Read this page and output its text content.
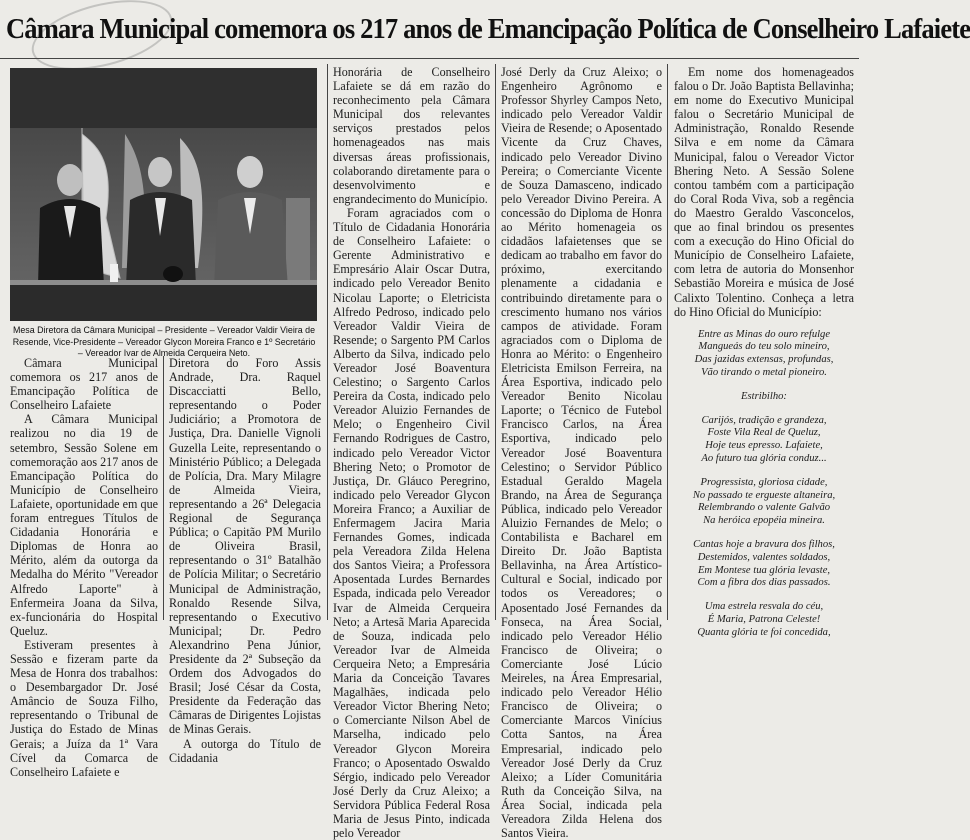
Câmara Municipal comemora os 217 anos de Emancipação Política de Conselheiro Lafaiete
Mesa Diretora da Câmara Municipal – Presidente – Vereador Valdir Vieira de Resende, Vice-Presidente – Vereador Glycon Moreira Franco e 1º Secretário – Vereador Ivar de Almeida Cerqueira Neto.

Câmara Municipal comemora os 217 anos de Emancipação Política de Conselheiro Lafaiete

A Câmara Municipal realizou no dia 19 de setembro, Sessão Solene em comemoração aos 217 anos de Emancipação Política do Município de Conselheiro Lafaiete, oportunidade em que foram entregues Títulos de Cidadania Honorária e Diplomas de Honra ao Mérito, além da outorga da Medalha do Mérito "Vereador Alfredo Laporte" à Enfermeira Joana da Silva, ex-funcionária do Hospital Queluz.

Estiveram presentes à Sessão e fizeram parte da Mesa de Honra dos trabalhos: o Desembargador Dr. José Amâncio de Souza Filho, representando o Tribunal de Justiça do Estado de Minas Gerais; a Juíza da 1ª Vara Cível da Comarca de Conselheiro Lafaiete e

Diretora do Foro Assis Andrade, Dra. Raquel Discacciatti Bello, representando o Poder Judiciário; a Promotora de Justiça, Dra. Danielle Vignoli Guzella Leite, representando o Ministério Público; a Delegada de Polícia, Dra. Mary Milagre de Almeida Vieira, representando a 26ª Delegacia Regional de Segurança Pública; o Capitão PM Murilo de Oliveira Brasil, representando o 31º Batalhão de Polícia Militar; o Secretário Municipal de Administração, Ronaldo Resende Silva, representando o Executivo Municipal; Dr. Pedro Alexandrino Pena Júnior, Presidente da 2ª Subseção da Ordem dos Advogados do Brasil; José César da Costa, Presidente da Federação das Câmaras de Dirigentes Lojistas de Minas Gerais.

A outorga do Título de Cidadania

Honorária de Conselheiro Lafaiete se dá em razão do reconhecimento pela Câmara Municipal dos relevantes serviços prestados pelos homenageados nas mais diversas áreas profissionais, colaborando diretamente para o desenvolvimento e engrandecimento do Município.

Foram agraciados com o Título de Cidadania Honorária de Conselheiro Lafaiete: o Gerente Administrativo e Empresário Alair Oscar Dutra, indicado pelo Vereador Benito Nicolau Laporte; o Eletricista Alfredo Pedroso, indicado pelo Vereador Valdir Vieira de Resende; o Sargento PM Carlos Alberto da Silva, indicado pelo Vereador José Boaventura Celestino; o Sargento Carlos Pereira da Costa, indicado pelo Vereador Aluizio Fernandes de Melo; o Engenheiro Civil Fernando Rodrigues de Castro, indicado pelo Vereador Victor Bhering Neto; o Promotor de Justiça, Dr. Gláuco Peregrino, indicado pelo Vereador Glycon Moreira Franco; a Auxiliar de Enfermagem Jacira Maria Fernandes Gomes, indicada pela Vereadora Zilda Helena dos Santos Vieira; a Professora Aposentada Lurdes Bernardes Espada, indicada pelo Vereador Ivar de Almeida Cerqueira Neto; a Artesã Maria Aparecida de Souza, indicada pelo Vereador Ivar de Almeida Cerqueira Neto; a Empresária Maria da Conceição Tavares Magalhães, indicada pelo Vereador Victor Bhering Neto; o Comerciante Nilson Abel de Marselha, indicado pelo Vereador Glycon Moreira Franco; o Aposentado Oswaldo Sérgio, indicado pelo Vereador José Derly da Cruz Aleixo; a Servidora Pública Federal Rosa Maria de Jesus Pinto, indicada pelo Vereador

José Derly da Cruz Aleixo; o Engenheiro Agrônomo e Professor Shyrley Campos Neto, indicado pelo Vereador Valdir Vieira de Resende; o Aposentado Vicente da Cruz Chaves, indicado pelo Vereador Divino Pereira; o Comerciante Vicente de Souza Damasceno, indicado pelo Vereador Divino Pereira. A concessão do Diploma de Honra ao Mérito homenageia os cidadãos lafaietenses que se dedicam ao trabalho em favor do próximo, exercitando plenamente a cidadania e contribuindo diretamente para o crescimento humano nos vários campos de atividade. Foram agraciados com o Diploma de Honra ao Mérito: o Engenheiro Eletricista Emilson Ferreira, na Área Esportiva, indicado pelo Vereador Benito Nicolau Laporte; o Técnico de Futebol Francisco Carlos, na Área Esportiva, indicado pelo Vereador José Boaventura Celestino; o Servidor Público Estadual Geraldo Magela Brando, na Área de Segurança Pública, indicado pelo Vereador Aluizio Fernandes de Melo; o Contabilista e Bacharel em Direito Dr. João Baptista Bellavinha, na Área Artístico-Cultural e Social, indicado por todos os Vereadores; o Aposentado José Fernandes da Fonseca, na Área Social, indicado pelo Vereador Hélio Francisco de Oliveira; o Comerciante José Lúcio Meireles, na Área Empresarial, indicado pelo Vereador Hélio Francisco de Oliveira; o Comerciante Marcos Vinícius Cotta Santos, na Área Empresarial, indicado pelo Vereador José Derly da Cruz Aleixo; a Líder Comunitária Ruth da Conceição Silva, na Área Social, indicada pela Vereadora Zilda Helena dos Santos Vieira.

Em nome dos homenageados falou o Dr. João Baptista Bellavinha; em nome do Executivo Municipal falou o Secretário Municipal de Administração, Ronaldo Resende Silva e em nome da Câmara Municipal, falou o Vereador Victor Bhering Neto. A Sessão Solene contou também com a participação do Coral Roda Viva, sob a regência do Maestro Geraldo Vasconcelos, que ao final brindou os presentes com a execução do Hino Oficial do Município de Conselheiro Lafaiete, com letra de autoria do Monsenhor Sebastião Moreira e música de José Calixto Tolentino. Conheça a letra do Hino Oficial do Município:

Entre as Minas do ouro refulge
Mangueás do teu solo mineiro,
Das jazidas extensas, profundas,
Vão tirando o metal pioneiro.
Estribilho:
Carijós, tradição e grandeza,
Foste Vila Real de Queluz,
Hoje teus epresso. Lafaiete,
Ao futuro tua glória conduz...
Progressista, gloriosa cidade,
No passado te ergueste altaneira,
Relembrando o valente Galvão
Na heróica epopéia mineira.
Cantas hoje a bravura dos filhos,
Destemidos, valentes soldados,
Em Montese tua glória levaste,
Com a fibra dos dias passados.
Uma estrela resvala do céu,
É Maria, Patrona Celeste!
Quanta glória te foi concedida,
